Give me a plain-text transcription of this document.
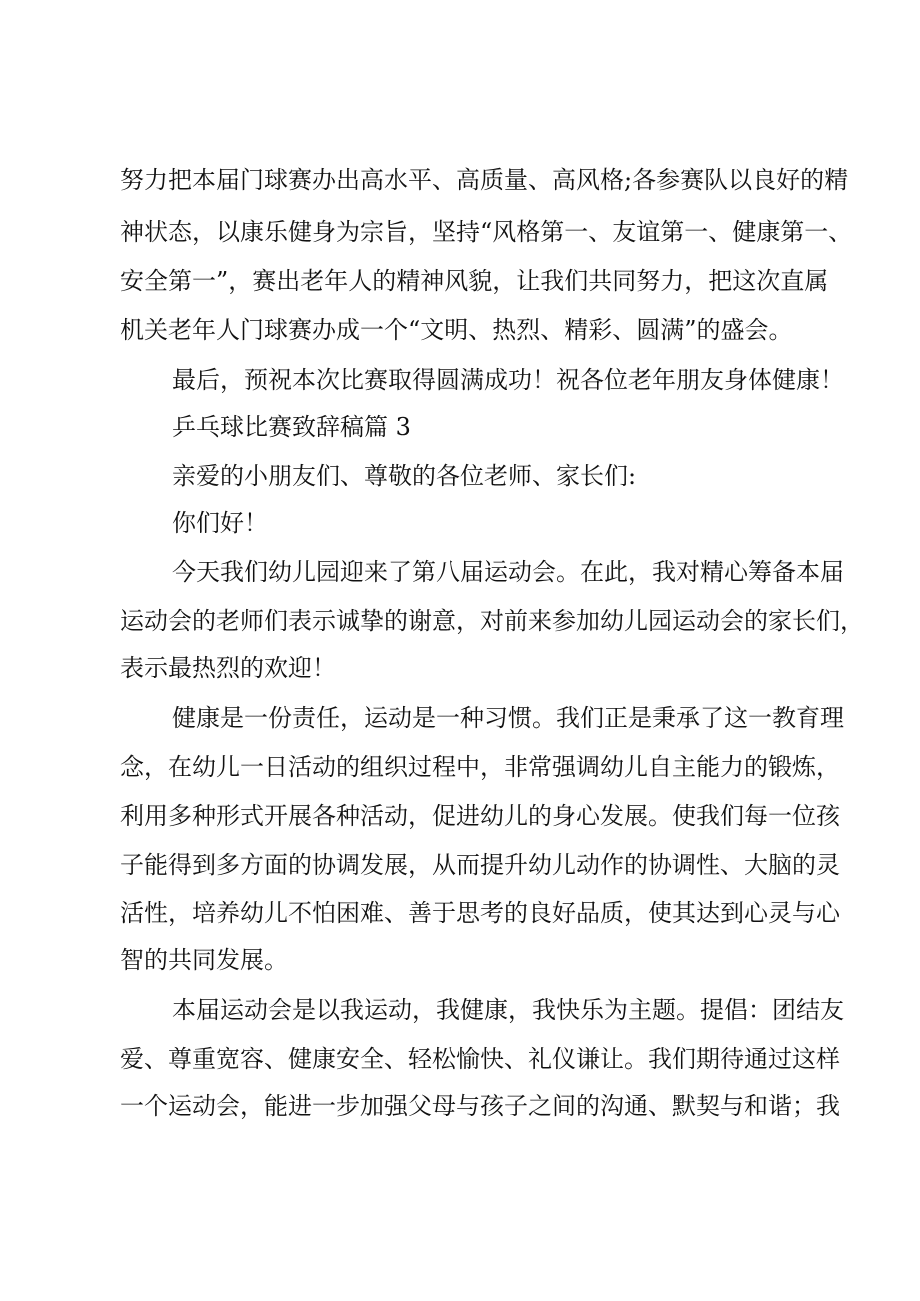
努力把本届门球赛办出高水平、高质量、高风格;各参赛队以良好的精

神状态，以康乐健身为宗旨，坚持“风格第一、友谊第一、健康第一、

安全第一”，赛出老年人的精神风貌，让我们共同努力，把这次直属

机关老年人门球赛办成一个“文明、热烈、精彩、圆满”的盛会。

最后，预祝本次比赛取得圆满成功！祝各位老年朋友身体健康！

乒乓球比赛致辞稿篇 3

亲爱的小朋友们、尊敬的各位老师、家长们:

你们好！

今天我们幼儿园迎来了第八届运动会。在此，我对精心筹备本届

运动会的老师们表示诚挚的谢意，对前来参加幼儿园运动会的家长们，

表示最热烈的欢迎！

健康是一份责任，运动是一种习惯。我们正是秉承了这一教育理

念，在幼儿一日活动的组织过程中，非常强调幼儿自主能力的锻炼，

利用多种形式开展各种活动，促进幼儿的身心发展。使我们每一位孩

子能得到多方面的协调发展，从而提升幼儿动作的协调性、大脑的灵

活性，培养幼儿不怕困难、善于思考的良好品质，使其达到心灵与心

智的共同发展。

本届运动会是以我运动，我健康，我快乐为主题。提倡：团结友

爱、尊重宽容、健康安全、轻松愉快、礼仪谦让。我们期待通过这样

一个运动会，能进一步加强父母与孩子之间的沟通、默契与和谐；我
